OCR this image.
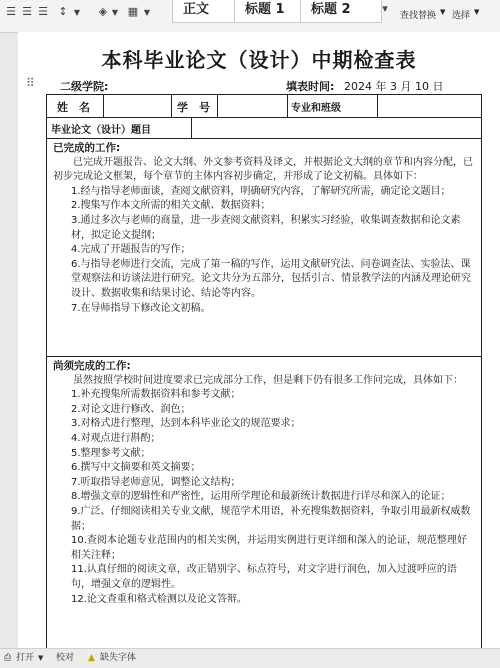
☰ ☰ ☰ ↕ ▼	◈ ▼ ▦ ▼	正文	标题 1	标题 2	▾
查找替换 ▼ 选择 ▼
本科毕业论文（设计）中期检查表
⠿ 二级学院:	填表时间: 2024 年 3 月 10 日
姓　名	学　号	专业和班级
毕业论文（设计）题目

已完成的工作:

已完成开题报告、论文大纲、外文参考资料及译文，并根据论文大纲的章节和内容分配，已初步完成论文框架，每个章节的主体内容初步确定，并形成了论文初稿。具体如下：

1.经与指导老师面谈，查阅文献资料，明确研究内容，了解研究所需，确定论文题目；

2.搜集写作本文所需的相关文献、数据资料；

3.通过多次与老师的商量，进一步查阅文献资料，积累实习经验，收集调查数据和论文素材，拟定论文提纲；

4.完成了开题报告的写作；

6.与指导老师进行交流，完成了第一稿的写作，运用文献研究法、问卷调查法、实验法、课堂观察法和访谈法进行研究。论文共分为五部分，包括引言、情景教学法的内涵及理论研究设计、数据收集和结果讨论、结论等内容。

7.在导师指导下修改论文初稿。

尚须完成的工作:

虽然按照学校时间进度要求已完成部分工作，但是剩下仍有很多工作问完成，具体如下：

1.补充搜集所需数据资料和参考文献；

2.对论文进行修改、润色；

3.对格式进行整理，达到本科毕业论文的规范要求；

4.对观点进行斟酌；

5.整理参考文献；

6.撰写中文摘要和英文摘要；

7.听取指导老师意见，调整论文结构；

8.增强文章的逻辑性和严密性，运用所学理论和最新统计数据进行详尽和深入的论证；

9.广泛、仔细阅读相关专业文献，规范学术用语，补充搜集数据资料，争取引用最新权威数据；

10.查阅本论题专业范围内的相关实例，并运用实例进行更详细和深入的论证，规范整理好相关注释；

11.认真仔细的阅读文章，改正错别字、标点符号，对文字进行润色，加入过渡呼应的语句，增强文章的逻辑性。

12.论文查重和格式检测以及论文答辩。

⎙ 打开 ▼ 校对 ▲ 缺失字体
